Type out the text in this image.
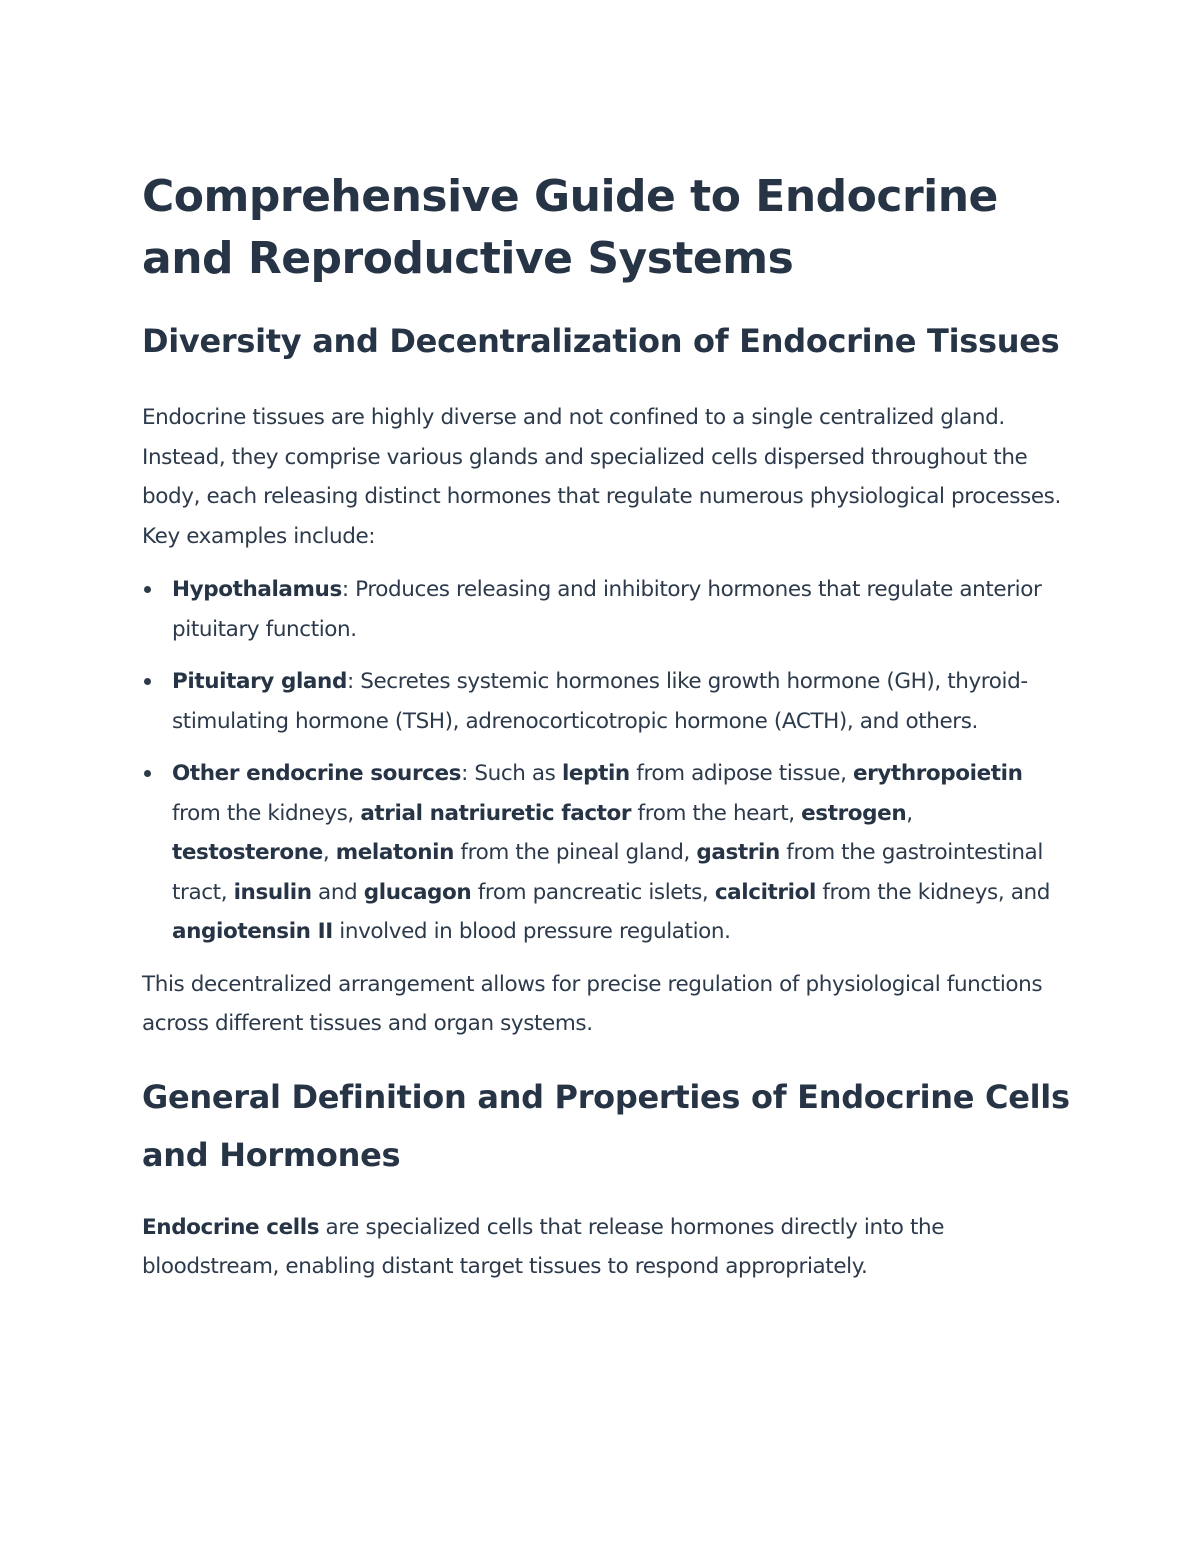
Comprehensive Guide to Endocrine and Reproductive Systems
Diversity and Decentralization of Endocrine Tissues

Endocrine tissues are highly diverse and not confined to a single centralized gland. Instead, they comprise various glands and specialized cells dispersed throughout the body, each releasing distinct hormones that regulate numerous physiological processes. Key examples include:

Hypothalamus: Produces releasing and inhibitory hormones that regulate anterior pituitary function.
Pituitary gland: Secretes systemic hormones like growth hormone (GH), thyroid-stimulating hormone (TSH), adrenocorticotropic hormone (ACTH), and others.
Other endocrine sources: Such as leptin from adipose tissue, erythropoietin from the kidneys, atrial natriuretic factor from the heart, estrogen, testosterone, melatonin from the pineal gland, gastrin from the gastrointestinal tract, insulin and glucagon from pancreatic islets, calcitriol from the kidneys, and angiotensin II involved in blood pressure regulation.

This decentralized arrangement allows for precise regulation of physiological functions across different tissues and organ systems.

General Definition and Properties of Endocrine Cells and Hormones

Endocrine cells are specialized cells that release hormones directly into the bloodstream, enabling distant target tissues to respond appropriately.
